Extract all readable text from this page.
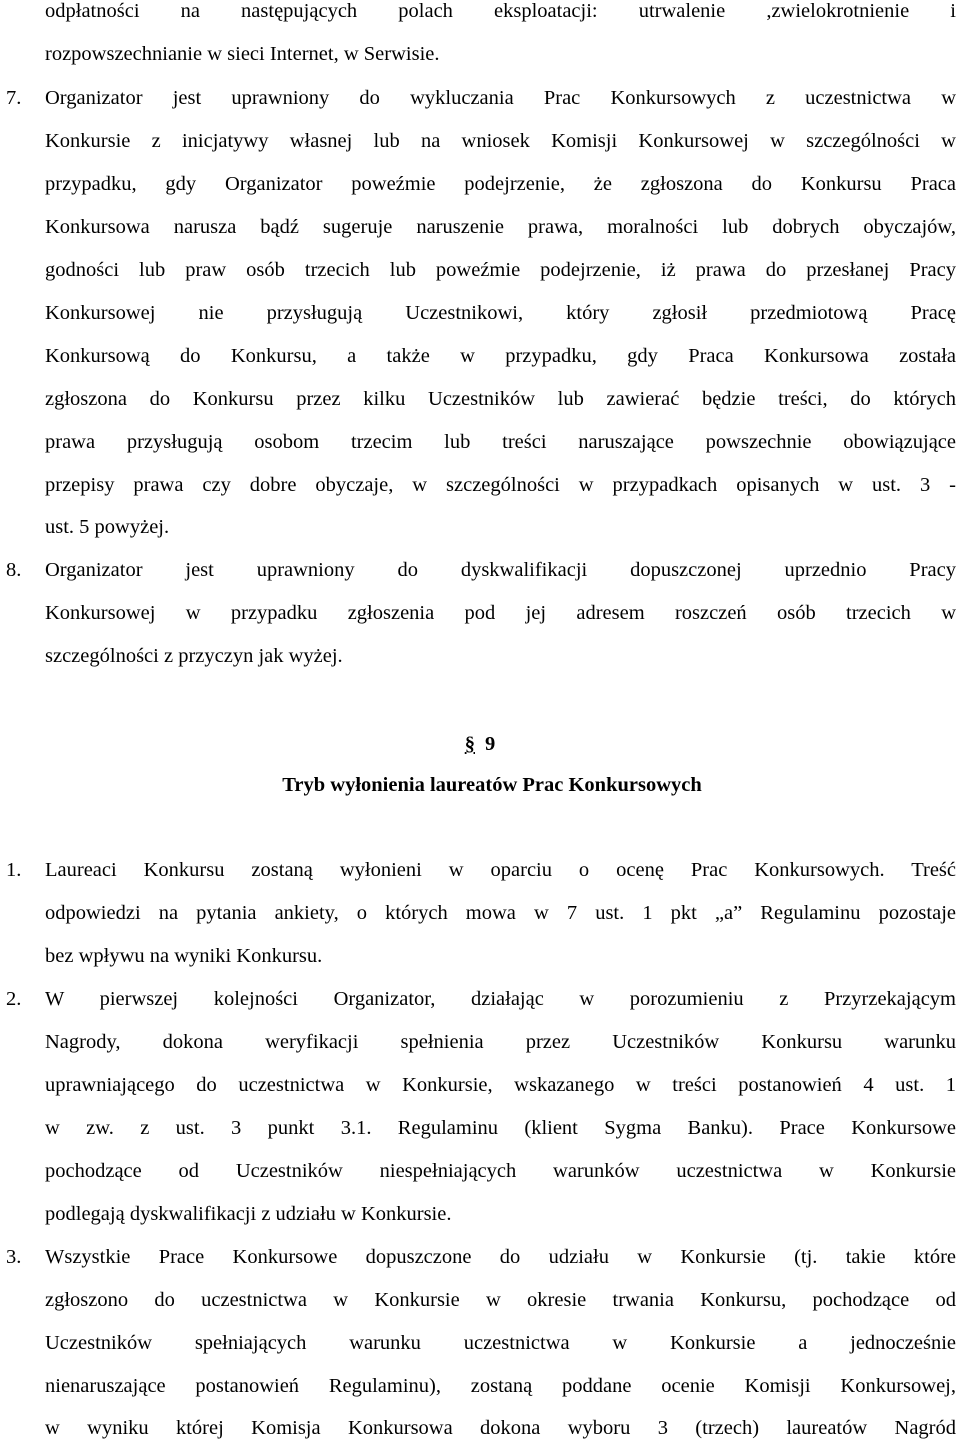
odpłatności na następujących polach eksploatacji: utrwalenie ,zwielokrotnienie i
rozpowszechnianie w sieci Internet, w Serwisie.
7. Organizator jest uprawniony do wykluczania Prac Konkursowych z uczestnictwa w
Konkursie z inicjatywy własnej lub na wniosek Komisji Konkursowej w szczególności w
przypadku, gdy Organizator poweźmie podejrzenie, że zgłoszona do Konkursu Praca
Konkursowa narusza bądź sugeruje naruszenie prawa, moralności lub dobrych obyczajów,
godności lub praw osób trzecich lub poweźmie podejrzenie, iż prawa do przesłanej Pracy
Konkursowej nie przysługują Uczestnikowi, który zgłosił przedmiotową Pracę
Konkursową do Konkursu, a także w przypadku, gdy Praca Konkursowa została
zgłoszona do Konkursu przez kilku Uczestników lub zawierać będzie treści, do których
prawa przysługują osobom trzecim lub treści naruszające powszechnie obowiązujące
przepisy prawa czy dobre obyczaje, w szczególności w przypadkach opisanych w ust. 3 -
ust. 5 powyżej.
8. Organizator jest uprawniony do dyskwalifikacji dopuszczonej uprzednio Pracy
Konkursowej w przypadku zgłoszenia pod jej adresem roszczeń osób trzecich w
szczególności z przyczyn jak wyżej.
§ 9
Tryb wyłonienia laureatów Prac Konkursowych
1. Laureaci Konkursu zostaną wyłonieni w oparciu o ocenę Prac Konkursowych. Treść
odpowiedzi na pytania ankiety, o których mowa w 7 ust. 1 pkt „a” Regulaminu pozostaje
bez wpływu na wyniki Konkursu.
2. W pierwszej kolejności Organizator, działając w porozumieniu z Przyrzekającym
Nagrody, dokona weryfikacji spełnienia przez Uczestników Konkursu warunku
uprawniającego do uczestnictwa w Konkursie, wskazanego w treści postanowień 4 ust. 1
w zw. z ust. 3 punkt 3.1. Regulaminu (klient Sygma Banku). Prace Konkursowe
pochodzące od Uczestników niespełniających warunków uczestnictwa w Konkursie
podlegają dyskwalifikacji z udziału w Konkursie.
3. Wszystkie Prace Konkursowe dopuszczone do udziału w Konkursie (tj. takie które
zgłoszono do uczestnictwa w Konkursie w okresie trwania Konkursu, pochodzące od
Uczestników spełniających warunku uczestnictwa w Konkursie a jednocześnie
nienaruszające postanowień Regulaminu), zostaną poddane ocenie Komisji Konkursowej,
w wyniku której Komisja Konkursowa dokona wyboru 3 (trzech) laureatów Nagród
